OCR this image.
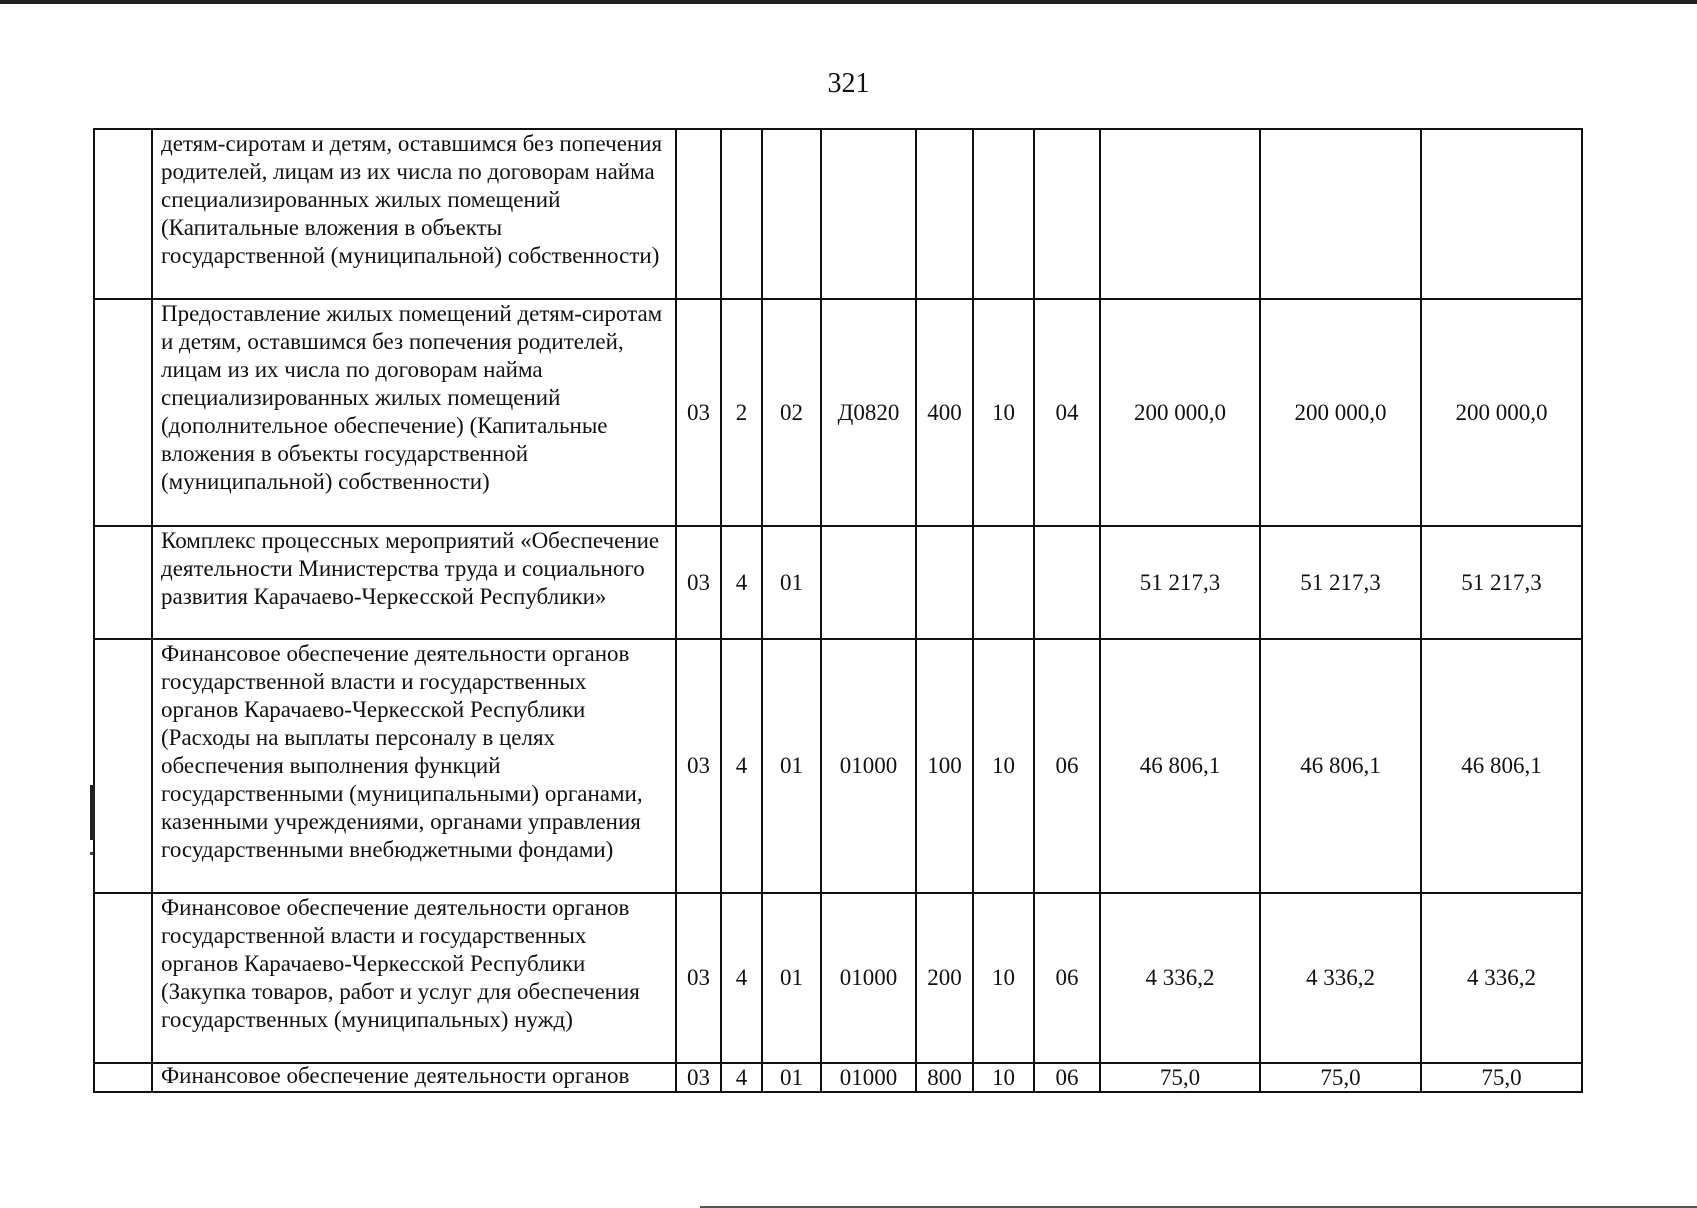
321
	детям-сиротам и детям, оставшимся без попечения родителей, лицам из их числа по договорам найма специализированных жилых помещений (Капитальные вложения в объекты государственной (муниципальной) собственности)										
	Предоставление жилых помещений детям-сиротам и детям, оставшимся без попечения родителей, лицам из их числа по договорам найма специализированных жилых помещений (дополнительное обеспечение) (Капитальные вложения в объекты государственной (муниципальной) собственности)	03	2	02	Д0820	400	10	04	200 000,0	200 000,0	200 000,0
	Комплекс процессных мероприятий «Обеспечение деятельности Министерства труда и социального развития Карачаево-Черкесской Республики»	03	4	01					51 217,3	51 217,3	51 217,3
	Финансовое обеспечение деятельности органов государственной власти и государственных органов Карачаево-Черкесской Республики (Расходы на выплаты персоналу в целях обеспечения выполнения функций государственными (муниципальными) органами, казенными учреждениями, органами управления государственными внебюджетными фондами)	03	4	01	01000	100	10	06	46 806,1	46 806,1	46 806,1
	Финансовое обеспечение деятельности органов государственной власти и государственных органов Карачаево-Черкесской Республики (Закупка товаров, работ и услуг для обеспечения государственных (муниципальных) нужд)	03	4	01	01000	200	10	06	4 336,2	4 336,2	4 336,2
	Финансовое обеспечение деятельности органов	03	4	01	01000	800	10	06	75,0	75,0	75,0
